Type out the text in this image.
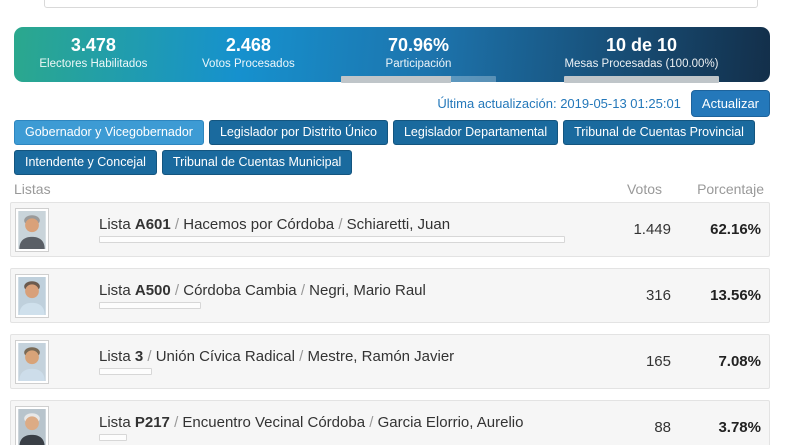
3.478
Electores Habilitados
2.468
Votos Procesados
70.96%
Participación
10 de 10
Mesas Procesadas (100.00%)
Última actualización: 2019-05-13 01:25:01	Actualizar
Gobernador y Vicegobernador	Legislador por Distrito Único	Legislador Departamental	Tribunal de Cuentas Provincial
Intendente y Concejal	Tribunal de Cuentas Municipal
Listas	Votos	Porcentaje
Lista A601 / Hacemos por Córdoba / Schiaretti, Juan	1.449	62.16%
Lista A500 / Córdoba Cambia / Negri, Mario Raul	316	13.56%
Lista 3 / Unión Cívica Radical / Mestre, Ramón Javier	165	7.08%
Lista P217 / Encuentro Vecinal Córdoba / Garcia Elorrio, Aurelio	88	3.78%
